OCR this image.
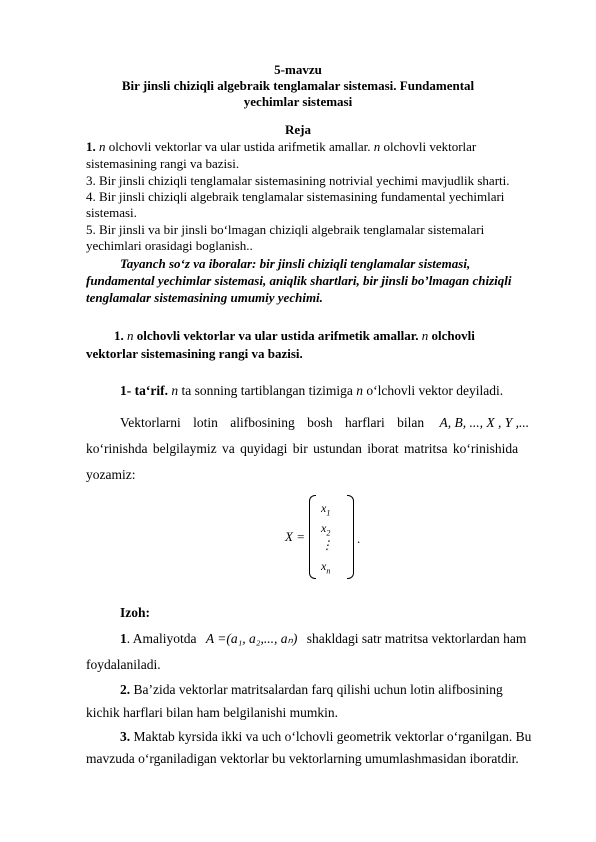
5-mavzu
Bir jinsli chiziqli algebraik tenglamalar sistemasi. Fundamental
yechimlar sistemasi
Reja
1. n olchovli vektorlar va ular ustida arifmetik amallar. n olchovli vektorlar
sistemasining rangi va bazisi.
3. Bir jinsli chiziqli tenglamalar sistemasining notrivial yechimi mavjudlik sharti.
4. Bir jinsli chiziqli algebraik tenglamalar sistemasining fundamental yechimlari
sistemasi.
5. Bir jinsli va bir jinsli bo‘lmagan chiziqli algebraik tenglamalar sistemalari
yechimlari orasidagi boglanish..
Tayanch so‘z va iboralar: bir jinsli chiziqli tenglamalar sistemasi,
fundamental yechimlar sistemasi, aniqlik shartlari, bir jinsli bo’lmagan chiziqli
tenglamalar sistemasining umumiy yechimi.
1. n olchovli vektorlar va ular ustida arifmetik amallar. n olchovli
vektorlar sistemasining rangi va bazisi.
1- ta‘rif. n ta sonning tartiblangan tizimiga n o‘lchovli vektor deyiladi.
Vektorlarni lotin alifbosining bosh harflari bilan A, B, ..., X , Y ,...
ko‘rinishda belgilaymiz va quyidagi bir ustundan iborat matritsa ko‘rinishida
yozamiz:
X =
$x_1$
$x_2$
⋮
$x_n$
.
Izoh:
1. Amaliyotda A =(a₁, a₂,..., aₙ) shakldagi satr matritsa vektorlardan ham
foydalaniladi.
2. Ba’zida vektorlar matritsalardan farq qilishi uchun lotin alifbosining
kichik harflari bilan ham belgilanishi mumkin.
3. Maktab kyrsida ikki va uch o‘lchovli geometrik vektorlar o‘rganilgan. Bu
mavzuda o‘rganiladigan vektorlar bu vektorlarning umumlashmasidan iboratdir.
